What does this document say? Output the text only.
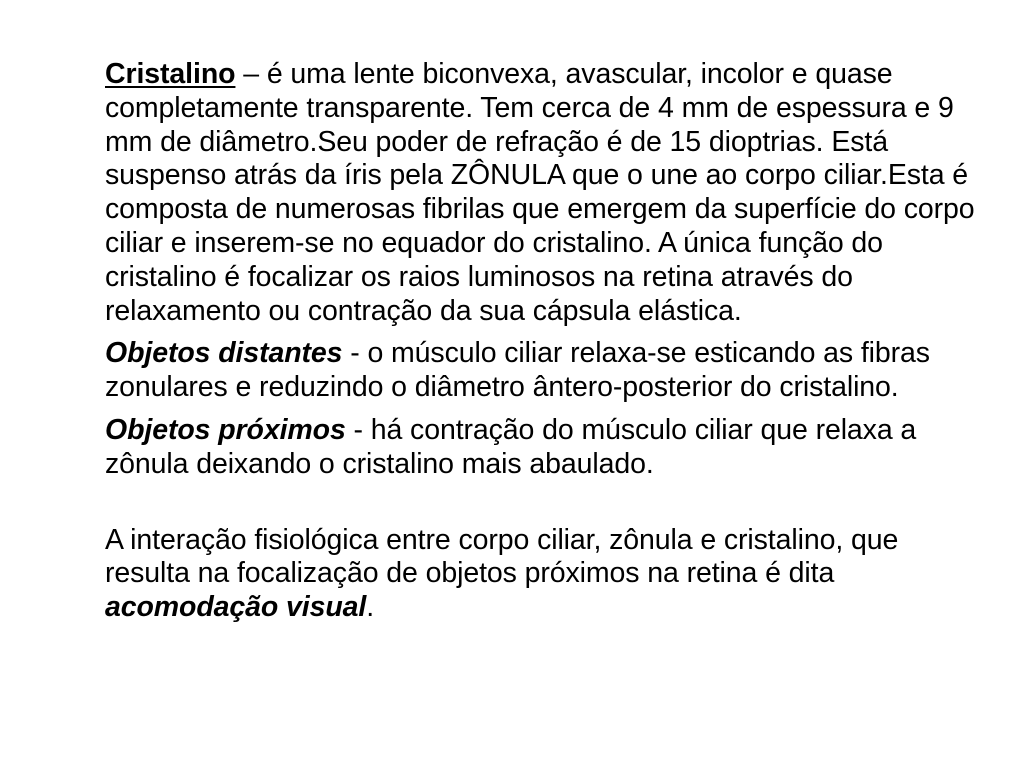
Cristalino – é uma lente biconvexa, avascular, incolor e quase completamente transparente. Tem cerca de 4 mm de espessura e 9 mm de diâmetro.Seu poder de refração é de 15 dioptrias. Está suspenso atrás da íris pela ZÔNULA que o une ao corpo ciliar.Esta é composta de numerosas fibrilas que emergem da superfície do corpo ciliar e inserem-se no equador do cristalino. A única função do cristalino é focalizar os raios luminosos na retina através do relaxamento ou contração da sua cápsula elástica.

Objetos distantes - o músculo ciliar relaxa-se esticando as fibras zonulares e reduzindo o diâmetro ântero-posterior do cristalino.

Objetos próximos - há contração do músculo ciliar que relaxa a zônula deixando o cristalino mais abaulado.

A interação fisiológica entre corpo ciliar, zônula e cristalino, que resulta na focalização de objetos próximos na retina é dita acomodação visual.
